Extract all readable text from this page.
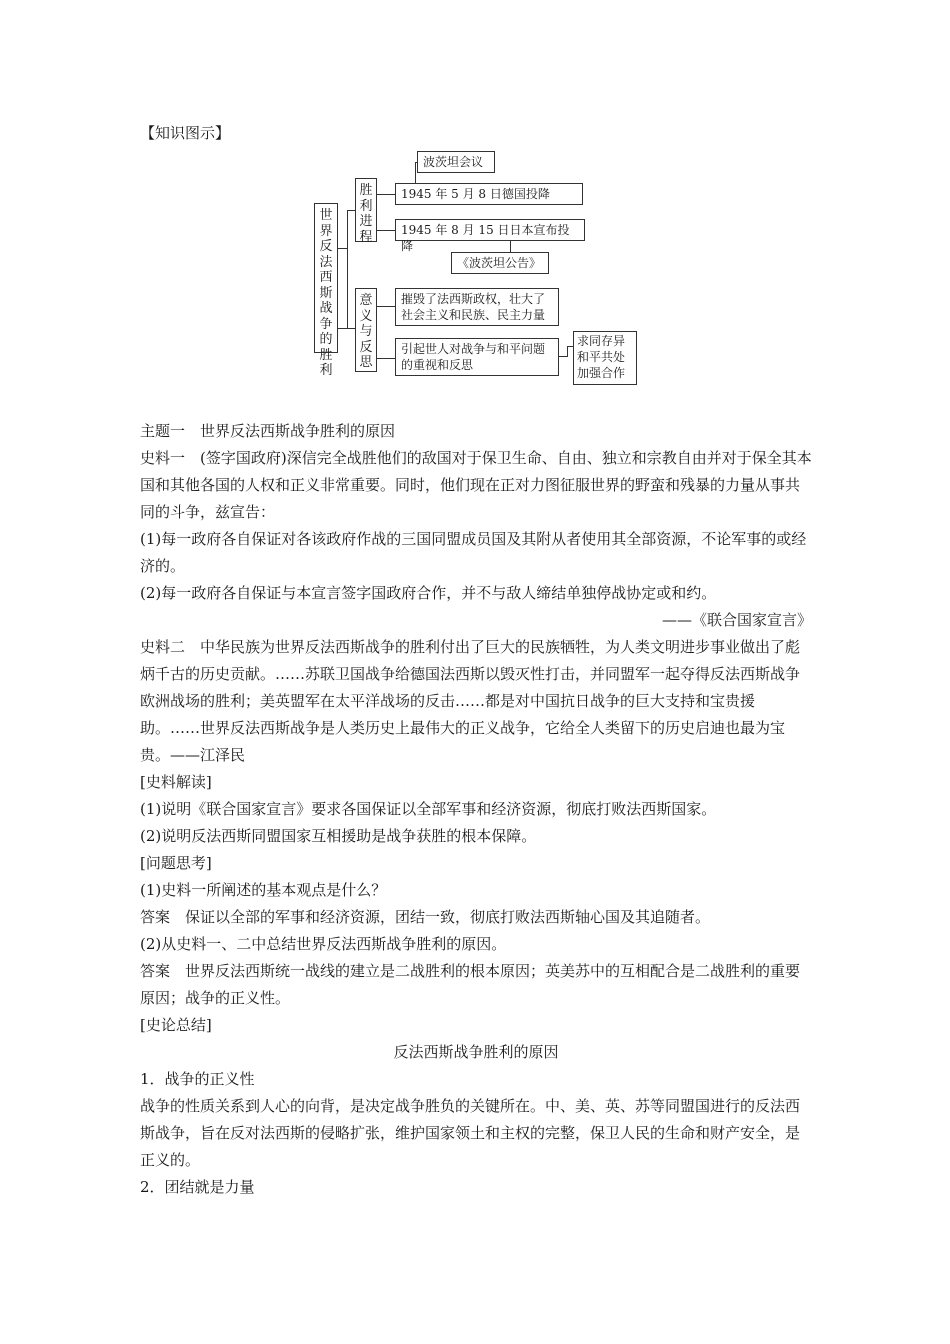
【知识图示】
世界反法西斯战争的胜利
胜利进程
意义与反思
波茨坦会议
1945 年 5 月 8 日德国投降
1945 年 8 月 15 日日本宣布投降
《波茨坦公告》
摧毁了法西斯政权，壮大了
社会主义和民族、民主力量
引起世人对战争与和平问题
的重视和反思
求同存异
和平共处
加强合作

主题一　世界反法西斯战争胜利的原因

史料一　(签字国政府)深信完全战胜他们的敌国对于保卫生命、自由、独立和宗教自由并对于保全其本国和其他各国的人权和正义非常重要。同时，他们现在正对力图征服世界的野蛮和残暴的力量从事共同的斗争，兹宣告：

(1)每一政府各自保证对各该政府作战的三国同盟成员国及其附从者使用其全部资源，不论军事的或经济的。

(2)每一政府各自保证与本宣言签字国政府合作，并不与敌人缔结单独停战协定或和约。

——《联合国家宣言》

史料二　中华民族为世界反法西斯战争的胜利付出了巨大的民族牺牲，为人类文明进步事业做出了彪炳千古的历史贡献。……苏联卫国战争给德国法西斯以毁灭性打击，并同盟军一起夺得反法西斯战争欧洲战场的胜利；美英盟军在太平洋战场的反击……都是对中国抗日战争的巨大支持和宝贵援助。……世界反法西斯战争是人类历史上最伟大的正义战争，它给全人类留下的历史启迪也最为宝贵。——江泽民

[史料解读]

(1)说明《联合国家宣言》要求各国保证以全部军事和经济资源，彻底打败法西斯国家。

(2)说明反法西斯同盟国家互相援助是战争获胜的根本保障。

[问题思考]

(1)史料一所阐述的基本观点是什么？

答案　保证以全部的军事和经济资源，团结一致，彻底打败法西斯轴心国及其追随者。

(2)从史料一、二中总结世界反法西斯战争胜利的原因。

答案　世界反法西斯统一战线的建立是二战胜利的根本原因；英美苏中的互相配合是二战胜利的重要原因；战争的正义性。

[史论总结]

反法西斯战争胜利的原因

1．战争的正义性

战争的性质关系到人心的向背，是决定战争胜负的关键所在。中、美、英、苏等同盟国进行的反法西斯战争，旨在反对法西斯的侵略扩张，维护国家领土和主权的完整，保卫人民的生命和财产安全，是正义的。

2．团结就是力量
